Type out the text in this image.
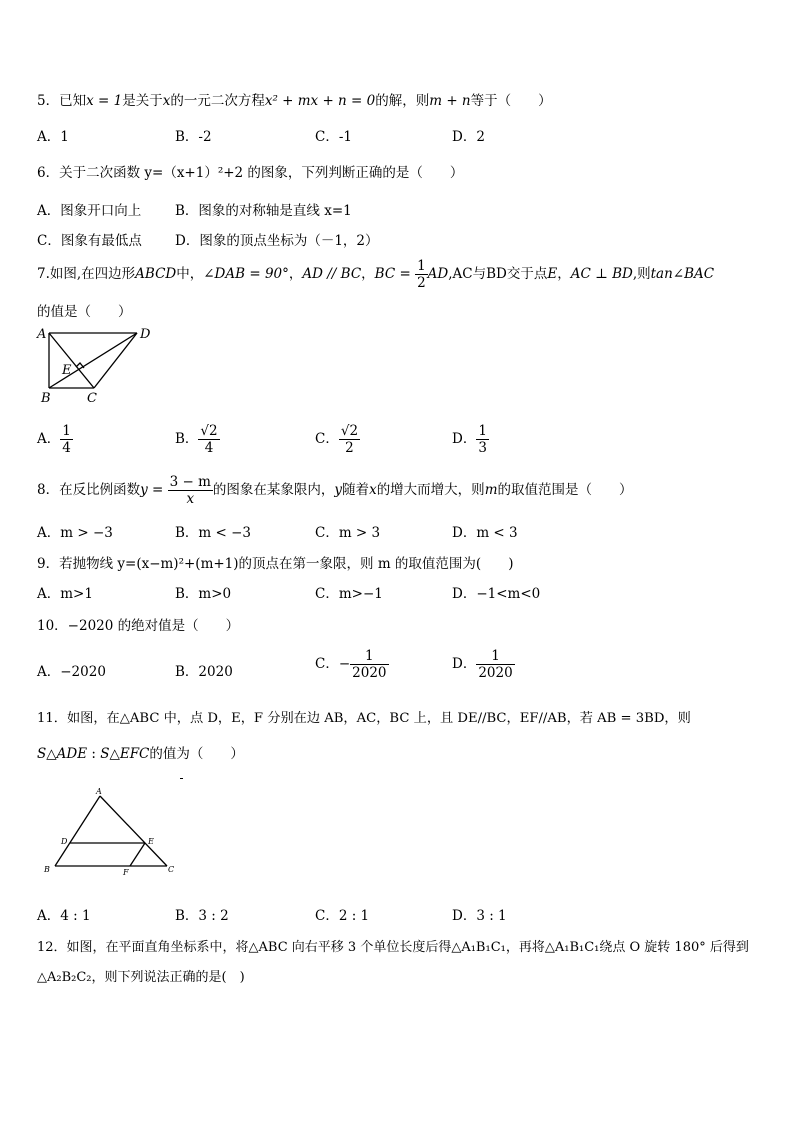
5．已知x = 1是关于x的一元二次方程x² + mx + n = 0的解，则m + n等于（　　）
A．1	B．-2	C．-1	D．2
6．关于二次函数 y=（x+1）²+2 的图象，下列判断正确的是（　　）
A．图象开口向上	B．图象的对称轴是直线 x=1
C．图象有最低点 D．图象的顶点坐标为（－1，2）
7.如图,在四边形ABCD中，∠DAB = 90°，AD // BC，BC = $\frac{1}{2} AD,AC$与BD交于点E，AC ⊥ BD,则tan∠BAC
的值是（　　）
A	D
E
B	C
A． $\frac{1}{4}$	B． $\frac{√2}{4}$	C． $\frac{√2}{2}$	D． $\frac{1}{3}$
8．在反比例函数$y = \frac{3 - m}{x}$ 的图象在某象限内，y随着x的增大而增大，则m的取值范围是（　　）
A．m > −3	B．m < −3	C．m > 3	D．m < 3
9．若抛物线 y=(x−m)²+(m+1)的顶点在第一象限，则 m 的取值范围为(　　)
A．m>1	B．m>0	C．m>−1	D．−1<m<0
10．−2020 的绝对值是（　　）
A．−2020	B．2020	C．− $\frac{1}{2020}$	D． $\frac{1}{2020}$
11．如图，在△ABC 中，点 D，E，F 分别在边 AB，AC，BC 上，且 DE//BC，EF//AB，若 AB = 3BD，则
S△ADE : S△EFC的值为（　　）
A
D	E
B	F	C
A．4 : 1	B．3 : 2	C．2 : 1	D．3 : 1
12．如图，在平面直角坐标系中，将△ABC 向右平移 3 个单位长度后得△A₁B₁C₁，再将△A₁B₁C₁绕点 O 旋转 180° 后得到
△A₂B₂C₂，则下列说法正确的是(　)
